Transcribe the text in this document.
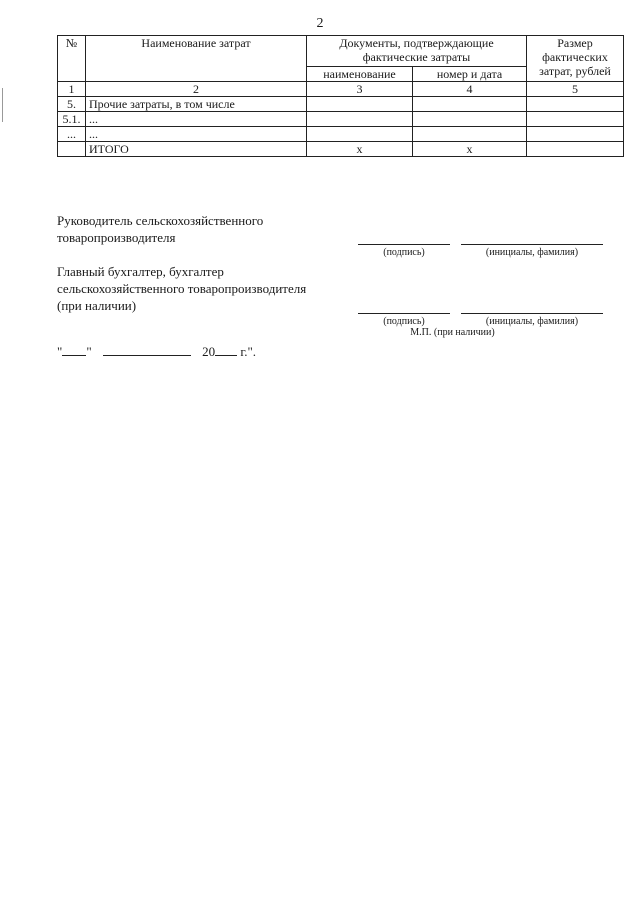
2
№	Наименование затрат	Документы, подтверждающие фактические затраты		Размер фактических затрат, рублей
		наименование	номер и дата	
1	2	3	4	5
5.	Прочие затраты, в том числе			
5.1.	...			
...	...			
	ИТОГО	x	x	
Руководитель сельскохозяйственного
товаропроизводителя
(подпись)	(инициалы, фамилия)
Главный бухгалтер, бухгалтер
сельскохозяйственного товаропроизводителя
(при наличии)
(подпись)	(инициалы, фамилия)
М.П. (при наличии)
" "	20 г.".
